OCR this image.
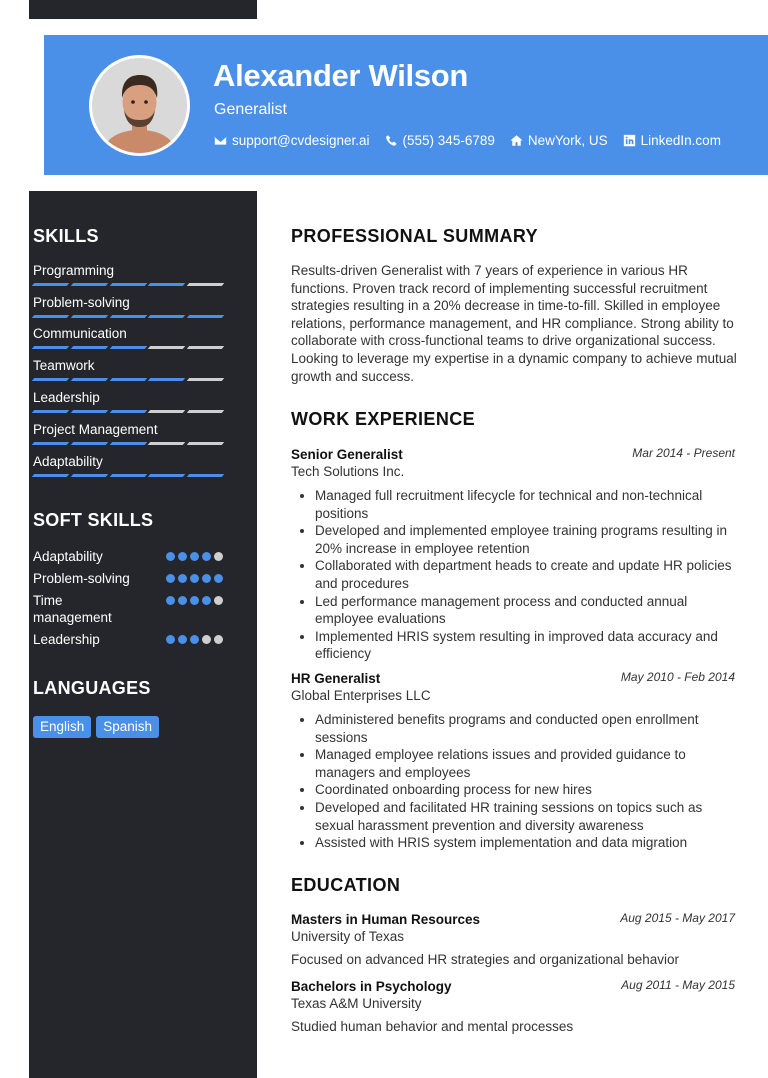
Alexander Wilson
Generalist
support@cvdesigner.ai (555) 345-6789 NewYork, US LinkedIn.com
SKILLS
Programming
Problem-solving
Communication
Teamwork
Leadership
Project Management
Adaptability
SOFT SKILLS
Adaptability
Problem-solving
Time management
Leadership
LANGUAGES
English	Spanish
PROFESSIONAL SUMMARY
Results-driven Generalist with 7 years of experience in various HR functions. Proven track record of implementing successful recruitment strategies resulting in a 20% decrease in time-to-fill. Skilled in employee relations, performance management, and HR compliance. Strong ability to collaborate with cross-functional teams to drive organizational success. Looking to leverage my expertise in a dynamic company to achieve mutual growth and success.
WORK EXPERIENCE
Senior Generalist	Mar 2014 - Present
Tech Solutions Inc.
• Managed full recruitment lifecycle for technical and non-technical positions
• Developed and implemented employee training programs resulting in 20% increase in employee retention
• Collaborated with department heads to create and update HR policies and procedures
• Led performance management process and conducted annual employee evaluations
• Implemented HRIS system resulting in improved data accuracy and efficiency
HR Generalist	May 2010 - Feb 2014
Global Enterprises LLC
• Administered benefits programs and conducted open enrollment sessions
• Managed employee relations issues and provided guidance to managers and employees
• Coordinated onboarding process for new hires
• Developed and facilitated HR training sessions on topics such as sexual harassment prevention and diversity awareness
• Assisted with HRIS system implementation and data migration
EDUCATION
Masters in Human Resources	Aug 2015 - May 2017
University of Texas
Focused on advanced HR strategies and organizational behavior
Bachelors in Psychology	Aug 2011 - May 2015
Texas A&M University
Studied human behavior and mental processes
